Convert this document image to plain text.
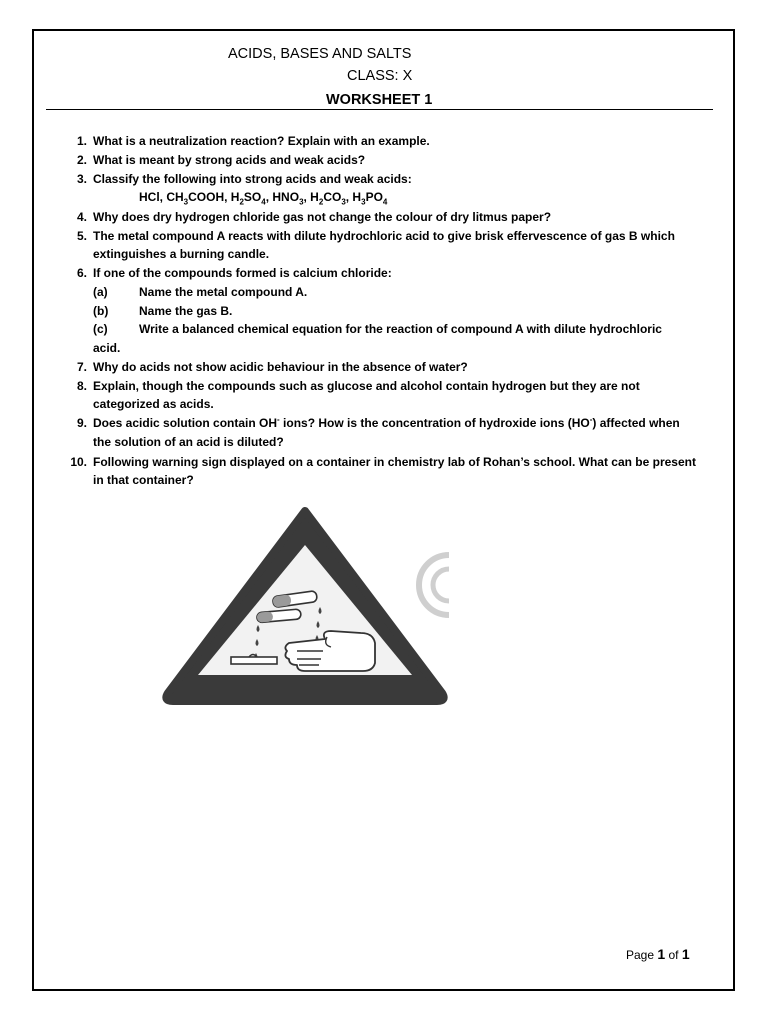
ACIDS, BASES AND SALTS
CLASS: X
WORKSHEET 1
1. What is a neutralization reaction? Explain with an example.
2. What is meant by strong acids and weak acids?
3. Classify the following into strong acids and weak acids:
HCl, $CH_3COOH$, $H_2SO_4$, $HNO_3$, $H_2CO_3$, $H_3PO_4$
4. Why does dry hydrogen chloride gas not change the colour of dry litmus paper?
5. The metal compound A reacts with dilute hydrochloric acid to give brisk effervescence of gas B which
extinguishes a burning candle.
6. If one of the compounds formed is calcium chloride:
(a)	Name the metal compound A.
(b)	Name the gas B.
(c)	Write a balanced chemical equation for the reaction of compound A with dilute hydrochloric
acid.
7. Why do acids not show acidic behaviour in the absence of water?
8. Explain, though the compounds such as glucose and alcohol contain hydrogen but they are not
categorized as acids.
9. Does acidic solution contain OH- ions? How is the concentration of hydroxide ions (HO-) affected when
the solution of an acid is diluted?
10. Following warning sign displayed on a container in chemistry lab of Rohan’s school. What can be present
in that container?
Page 1 of 1
